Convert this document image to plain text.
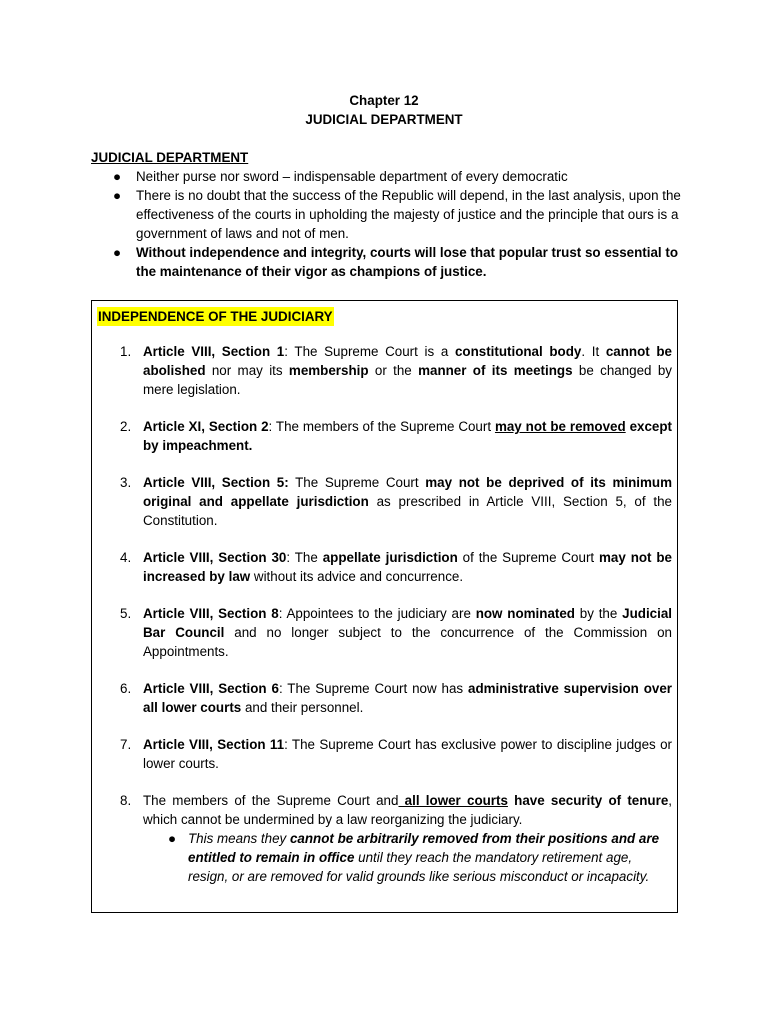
Chapter 12
JUDICIAL DEPARTMENT
JUDICIAL DEPARTMENT
● Neither purse nor sword – indispensable department of every democratic
● There is no doubt that the success of the Republic will depend, in the last analysis, upon the effectiveness of the courts in upholding the majesty of justice and the principle that ours is a government of laws and not of men.
● Without independence and integrity, courts will lose that popular trust so essential to the maintenance of their vigor as champions of justice.
INDEPENDENCE OF THE JUDICIARY
1. Article VIII, Section 1: The Supreme Court is a constitutional body. It cannot be abolished nor may its membership or the manner of its meetings be changed by mere legislation.
2. Article XI, Section 2: The members of the Supreme Court may not be removed except by impeachment.
3. Article VIII, Section 5: The Supreme Court may not be deprived of its minimum original and appellate jurisdiction as prescribed in Article VIII, Section 5, of the Constitution.
4. Article VIII, Section 30: The appellate jurisdiction of the Supreme Court may not be increased by law without its advice and concurrence.
5. Article VIII, Section 8: Appointees to the judiciary are now nominated by the Judicial Bar Council and no longer subject to the concurrence of the Commission on Appointments.
6. Article VIII, Section 6: The Supreme Court now has administrative supervision over all lower courts and their personnel.
7. Article VIII, Section 11: The Supreme Court has exclusive power to discipline judges or lower courts.
8. The members of the Supreme Court and all lower courts have security of tenure, which cannot be undermined by a law reorganizing the judiciary.
● This means they cannot be arbitrarily removed from their positions and are entitled to remain in office until they reach the mandatory retirement age, resign, or are removed for valid grounds like serious misconduct or incapacity.
